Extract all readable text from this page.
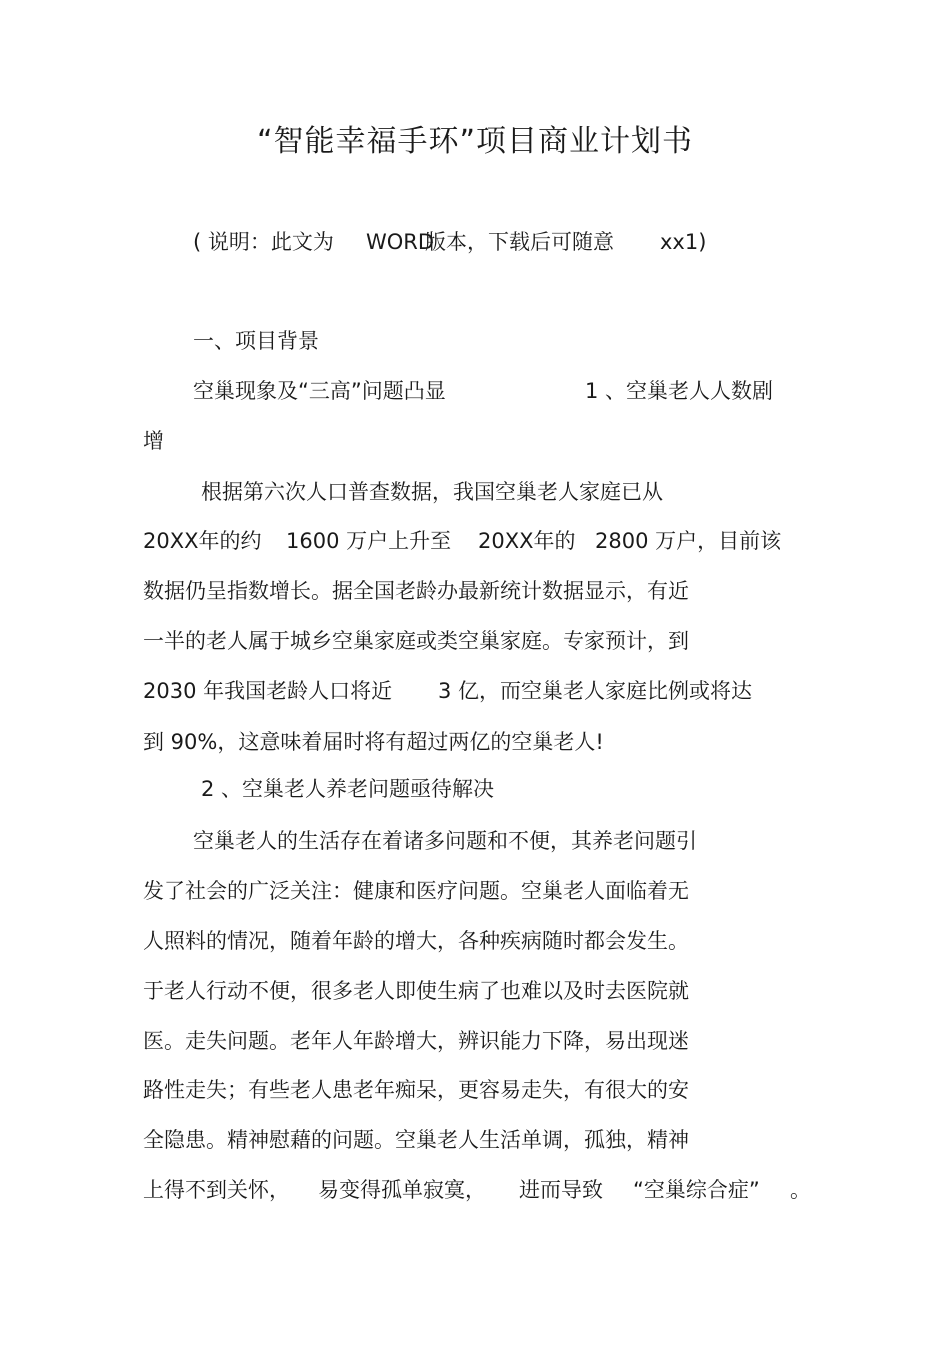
“智能幸福手环”项目商业计划书
( 说明：此文为 WORD
版本，下载后可随意 xx1)
一、项目背景
空巢现象及“三高”问题凸显	1 、空巢老人人数剧
增
根据第六次人口普查数据，我国空巢老人家庭已从
20XX年的约 1600 万户上升至 20XX年的 2800 万户，目前该
数据仍呈指数增长。据全国老龄办最新统计数据显示，有近
一半的老人属于城乡空巢家庭或类空巢家庭。专家预计，到
2030 年我国老龄人口将近 3 亿，而空巢老人家庭比例或将达
到 90%，这意味着届时将有超过两亿的空巢老人!
2 、空巢老人养老问题亟待解决
空巢老人的生活存在着诸多问题和不便，其养老问题引
发了社会的广泛关注：健康和医疗问题。空巢老人面临着无
人照料的情况，随着年龄的增大，各种疾病随时都会发生。
于老人行动不便，很多老人即使生病了也难以及时去医院就
医。走失问题。老年人年龄增大，辨识能力下降，易出现迷
路性走失；有些老人患老年痴呆，更容易走失，有很大的安
全隐患。精神慰藉的问题。空巢老人生活单调，孤独，精神
上得不到关怀， 易变得孤单寂寞， 进而导致 “空巢综合症” 。
